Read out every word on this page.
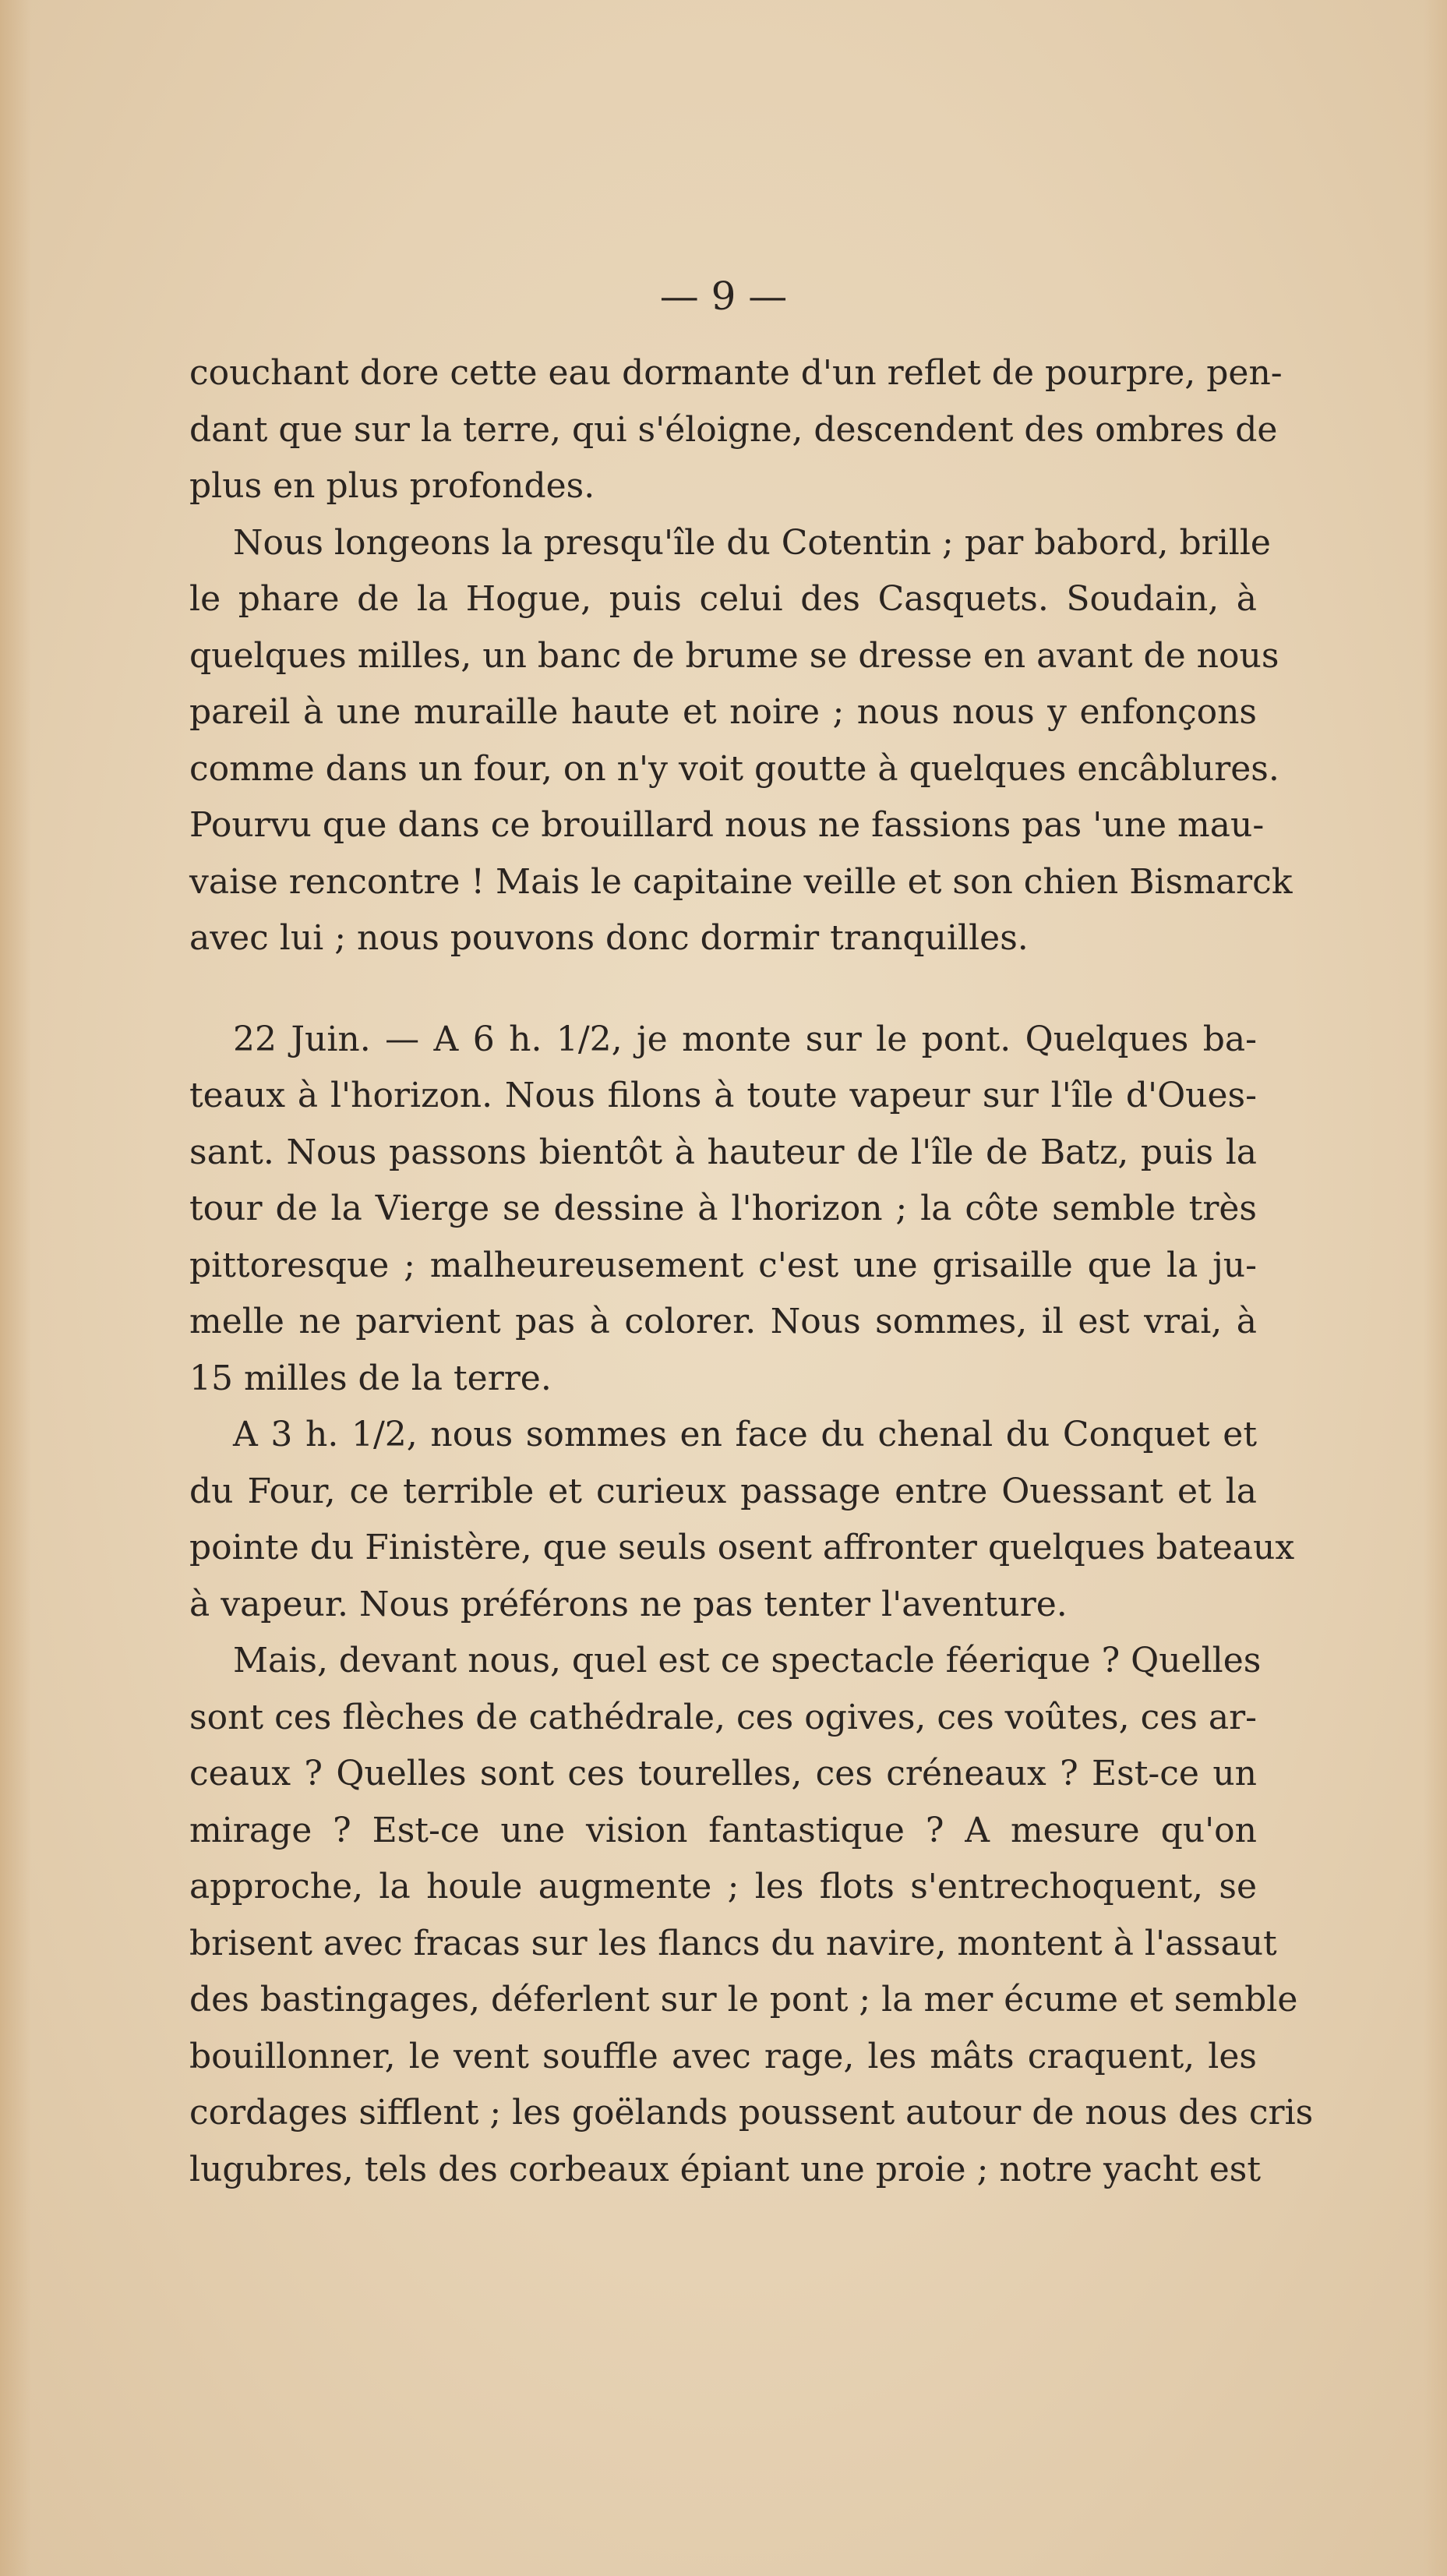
— 9 —
couchant dore cette eau dormante d'un reflet de pourpre, pen-
dant que sur la terre, qui s'éloigne, descendent des ombres de
plus en plus profondes.
Nous longeons la presqu'île du Cotentin ; par babord, brille
le phare de la Hogue, puis celui des Casquets. Soudain, à
quelques milles, un banc de brume se dresse en avant de nous
pareil à une muraille haute et noire ; nous nous y enfonçons
comme dans un four, on n'y voit goutte à quelques encâblures.
Pourvu que dans ce brouillard nous ne fassions pas 'une mau-
vaise rencontre ! Mais le capitaine veille et son chien Bismarck
avec lui ; nous pouvons donc dormir tranquilles.
22 Juin. — A 6 h. 1/2, je monte sur le pont. Quelques ba-
teaux à l'horizon. Nous filons à toute vapeur sur l'île d'Oues-
sant. Nous passons bientôt à hauteur de l'île de Batz, puis la
tour de la Vierge se dessine à l'horizon ; la côte semble très
pittoresque ; malheureusement c'est une grisaille que la ju-
melle ne parvient pas à colorer. Nous sommes, il est vrai, à
15 milles de la terre.
A 3 h. 1/2, nous sommes en face du chenal du Conquet et
du Four, ce terrible et curieux passage entre Ouessant et la
pointe du Finistère, que seuls osent affronter quelques bateaux
à vapeur. Nous préférons ne pas tenter l'aventure.
Mais, devant nous, quel est ce spectacle féerique ? Quelles
sont ces flèches de cathédrale, ces ogives, ces voûtes, ces ar-
ceaux ? Quelles sont ces tourelles, ces créneaux ? Est-ce un
mirage ? Est-ce une vision fantastique ? A mesure qu'on
approche, la houle augmente ; les flots s'entrechoquent, se
brisent avec fracas sur les flancs du navire, montent à l'assaut
des bastingages, déferlent sur le pont ; la mer écume et semble
bouillonner, le vent souffle avec rage, les mâts craquent, les
cordages sifflent ; les goëlands poussent autour de nous des cris
lugubres, tels des corbeaux épiant une proie ; notre yacht est
